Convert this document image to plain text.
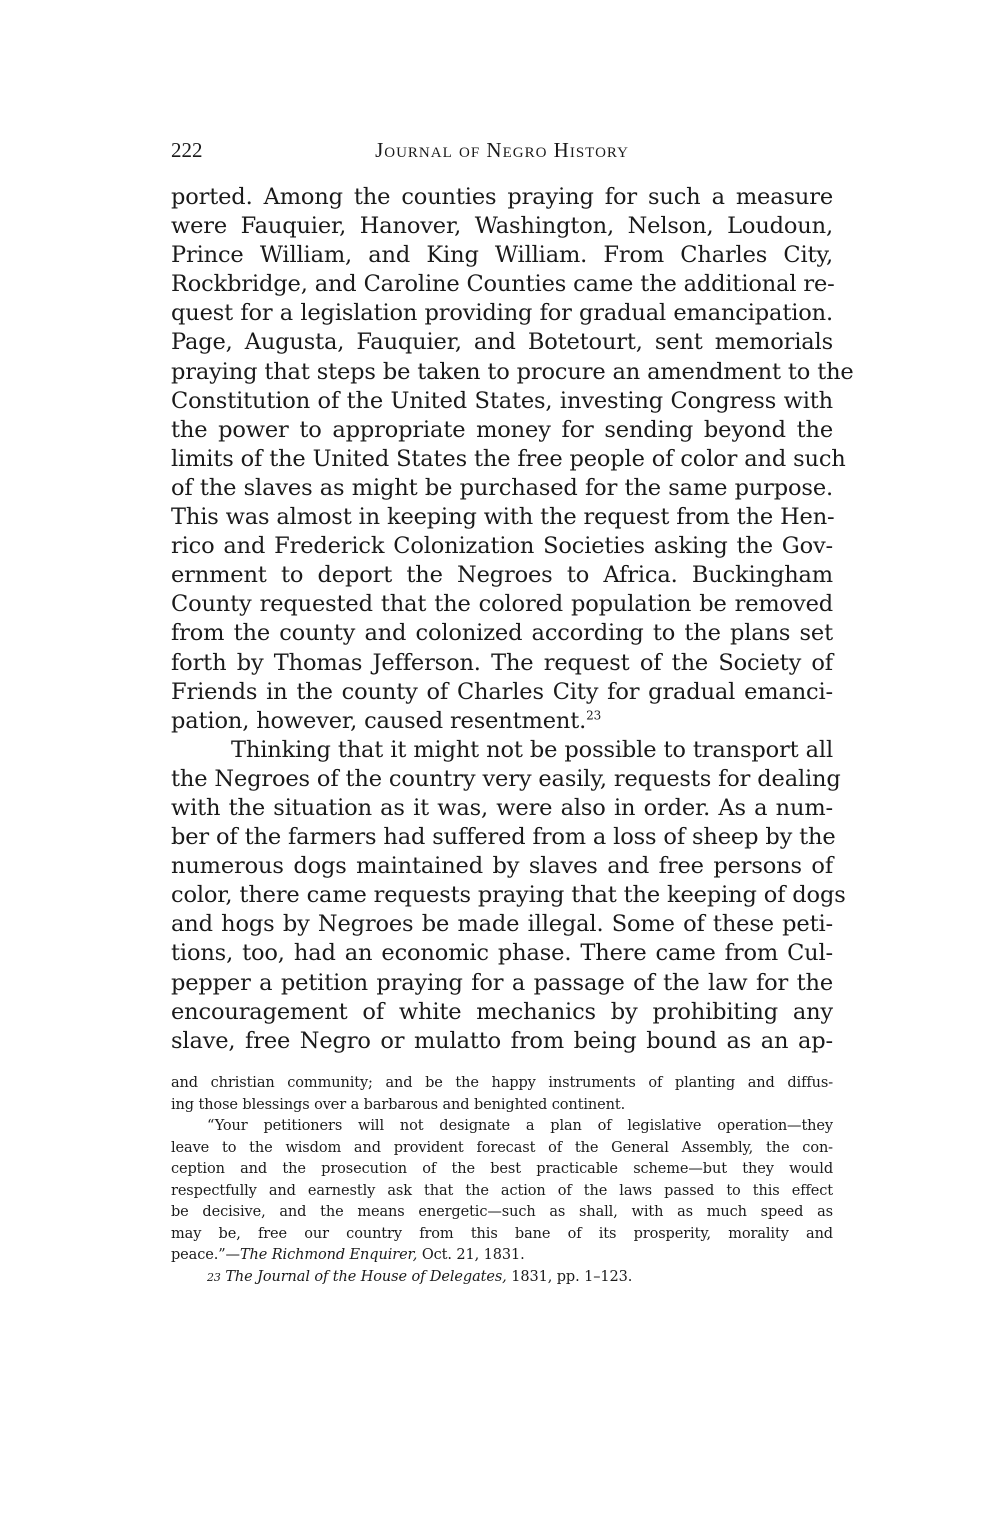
222	Journal of Negro History
ported. Among the counties praying for such a measure
were Fauquier, Hanover, Washington, Nelson, Loudoun,
Prince William, and King William. From Charles City,
Rockbridge, and Caroline Counties came the additional re-
quest for a legislation providing for gradual emancipation.
Page, Augusta, Fauquier, and Botetourt, sent memorials
praying that steps be taken to procure an amendment to the
Constitution of the United States, investing Congress with
the power to appropriate money for sending beyond the
limits of the United States the free people of color and such
of the slaves as might be purchased for the same purpose.
This was almost in keeping with the request from the Hen-
rico and Frederick Colonization Societies asking the Gov-
ernment to deport the Negroes to Africa. Buckingham
County requested that the colored population be removed
from the county and colonized according to the plans set
forth by Thomas Jefferson. The request of the Society of
Friends in the county of Charles City for gradual emanci-
pation, however, caused resentment.$^{23}$
Thinking that it might not be possible to transport all
the Negroes of the country very easily, requests for dealing
with the situation as it was, were also in order. As a num-
ber of the farmers had suffered from a loss of sheep by the
numerous dogs maintained by slaves and free persons of
color, there came requests praying that the keeping of dogs
and hogs by Negroes be made illegal. Some of these peti-
tions, too, had an economic phase. There came from Cul-
pepper a petition praying for a passage of the law for the
encouragement of white mechanics by prohibiting any
slave, free Negro or mulatto from being bound as an ap-
and christian community; and be the happy instruments of planting and diffus-
ing those blessings over a barbarous and benighted continent.
“Your petitioners will not designate a plan of legislative operation—they
leave to the wisdom and provident forecast of the General Assembly, the con-
ception and the prosecution of the best practicable scheme—but they would
respectfully and earnestly ask that the action of the laws passed to this effect
be decisive, and the means energetic—such as shall, with as much speed as
may be, free our country from this bane of its prosperity, morality and
peace.”—The Richmond Enquirer, Oct. 21, 1831.
23 The Journal of the House of Delegates, 1831, pp. 1–123.
